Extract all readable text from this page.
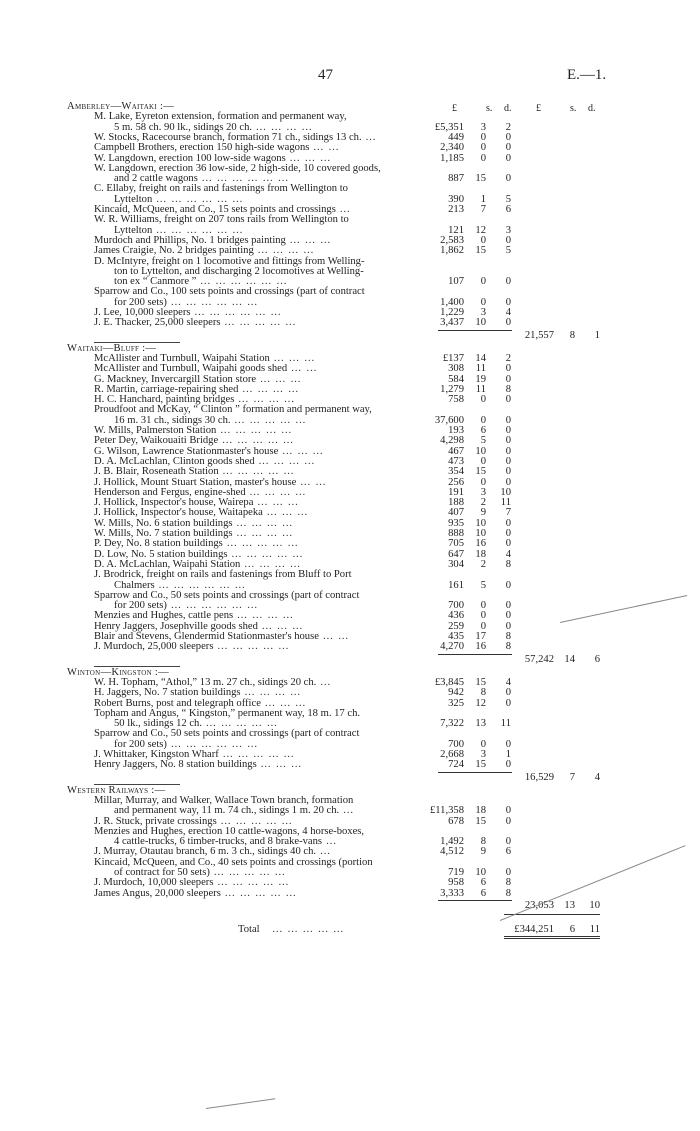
47	E.—1.
£	s. d. £	s. d.
Amberley—Waitaki :—
M. Lake, Eyreton extension, formation and permanent way,
5 m. 58 ch. 90 lk., sidings 20 ch. … … … …	£5,351	3	2
W. Stocks, Racecourse branch, formation 71 ch., sidings 13 ch. …	449	0	0
Campbell Brothers, erection 150 high-side wagons … …	2,340	0	0
W. Langdown, erection 100 low-side wagons … … …	1,185	0	0
W. Langdown, erection 36 low-side, 2 high-side, 10 covered goods,
and 2 cattle wagons … … … … … …	887	15	0
C. Ellaby, freight on rails and fastenings from Wellington to
Lyttelton … … … … … …	390	1	5
Kincaid, McQueen, and Co., 15 sets points and crossings …	213	7	6
W. R. Williams, freight on 207 tons rails from Wellington to
Lyttelton … … … … … …	121	12	3
Murdoch and Phillips, No. 1 bridges painting … … …	2,583	0	0
James Craigie, No. 2 bridges painting … … … …	1,862	15	5
D. McIntyre, freight on 1 locomotive and fittings from Welling-
ton to Lyttelton, and discharging 2 locomotives at Welling-
ton ex “ Canmore ” … … … … … …	107	0	0
Sparrow and Co., 100 sets points and crossings (part of contract
for 200 sets) … … … … … …	1,400	0	0
J. Lee, 10,000 sleepers … … … … … …	1,229	3	4
J. E. Thacker, 25,000 sleepers … … … … …	3,437	10	0
21,557	8	1
Waitaki—Bluff :—
McAllister and Turnbull, Waipahi Station … … …	£137	14	2
McAllister and Turnbull, Waipahi goods shed … …	308	11	0
G. Mackney, Invercargill Station store … … …	584	19	0
R. Martin, carriage-repairing shed … … … …	1,279	11	8
H. C. Hanchard, painting bridges … … … …	758	0	0
Proudfoot and McKay, “ Clinton ” formation and permanent way,
16 m. 31 ch., sidings 30 ch. … … … … …	37,600	0	0
W. Mills, Palmerston Station … … … … …	193	6	0
Peter Dey, Waikouaiti Bridge … … … … …	4,298	5	0
G. Wilson, Lawrence Stationmaster's house … … …	467	10	0
D. A. McLachlan, Clinton goods shed … … … …	473	0	0
J. B. Blair, Roseneath Station … … … … …	354	15	0
J. Hollick, Mount Stuart Station, master's house … …	256	0	0
Henderson and Fergus, engine-shed … … … …	191	3	10
J. Hollick, Inspector's house, Wairepa … … …	188	2	11
J. Hollick, Inspector's house, Waitapeka … … …	407	9	7
W. Mills, No. 6 station buildings … … … …	935	10	0
W. Mills, No. 7 station buildings … … … …	888	10	0
P. Dey, No. 8 station buildings … … … … …	705	16	0
D. Low, No. 5 station buildings … … … … …	647	18	4
D. A. McLachlan, Waipahi Station … … … …	304	2	8
J. Brodrick, freight on rails and fastenings from Bluff to Port
Chalmers … … … … … …	161	5	0
Sparrow and Co., 50 sets points and crossings (part of contract
for 200 sets) … … … … … …	700	0	0
Menzies and Hughes, cattle pens … … … …	436	0	0
Henry Jaggers, Josephville goods shed … … …	259	0	0
Blair and Stevens, Glendermid Stationmaster's house … …	435	17	8
J. Murdoch, 25,000 sleepers … … … … …	4,270	16	8
57,242 14	6
Winton—Kingston :—
W. H. Topham, “Athol,” 13 m. 27 ch., sidings 20 ch. …	£3,845	15	4
H. Jaggers, No. 7 station buildings … … … …	942	8	0
Robert Burns, post and telegraph office … … …	325	12	0
Topham and Angus, “ Kingston,” permanent way, 18 m. 17 ch.
50 lk., sidings 12 ch. … … … … …	7,322	13	11
Sparrow and Co., 50 sets points and crossings (part of contract
for 200 sets) … … … … … …	700	0	0
J. Whittaker, Kingston Wharf … … … … …	2,668	3	1
Henry Jaggers, No. 8 station buildings … … …	724	15	0
16,529	7	4
Western Railways :—
Millar, Murray, and Walker, Wallace Town branch, formation
and permanent way, 11 m. 74 ch., sidings 1 m. 20 ch. …	£11,358	18	0
J. R. Stuck, private crossings … … … … …	678	15	0
Menzies and Hughes, erection 10 cattle-wagons, 4 horse-boxes,
4 cattle-trucks, 6 timber-trucks, and 8 brake-vans …	1,492	8	0
J. Murray, Otautau branch, 6 m. 3 ch., sidings 40 ch. …	4,512	9	6
Kincaid, McQueen, and Co., 40 sets points and crossings (portion
of contract for 50 sets) … … … … …	719	10	0
J. Murdoch, 10,000 sleepers … … … … …	958	6	8
James Angus, 20,000 sleepers … … … … …	3,333	6	8
23,053 13	10
Total … … … … …	£344,251	6	11
